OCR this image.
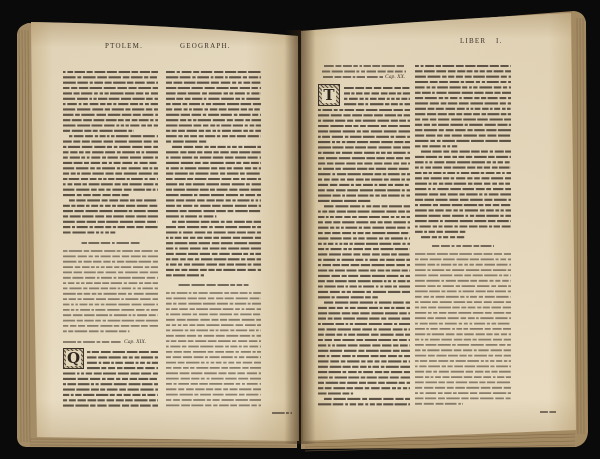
PTOLEM.	GEOGRAPH.
LIBER I.
Cap. XIX.
Cap. XX.
Q
T
